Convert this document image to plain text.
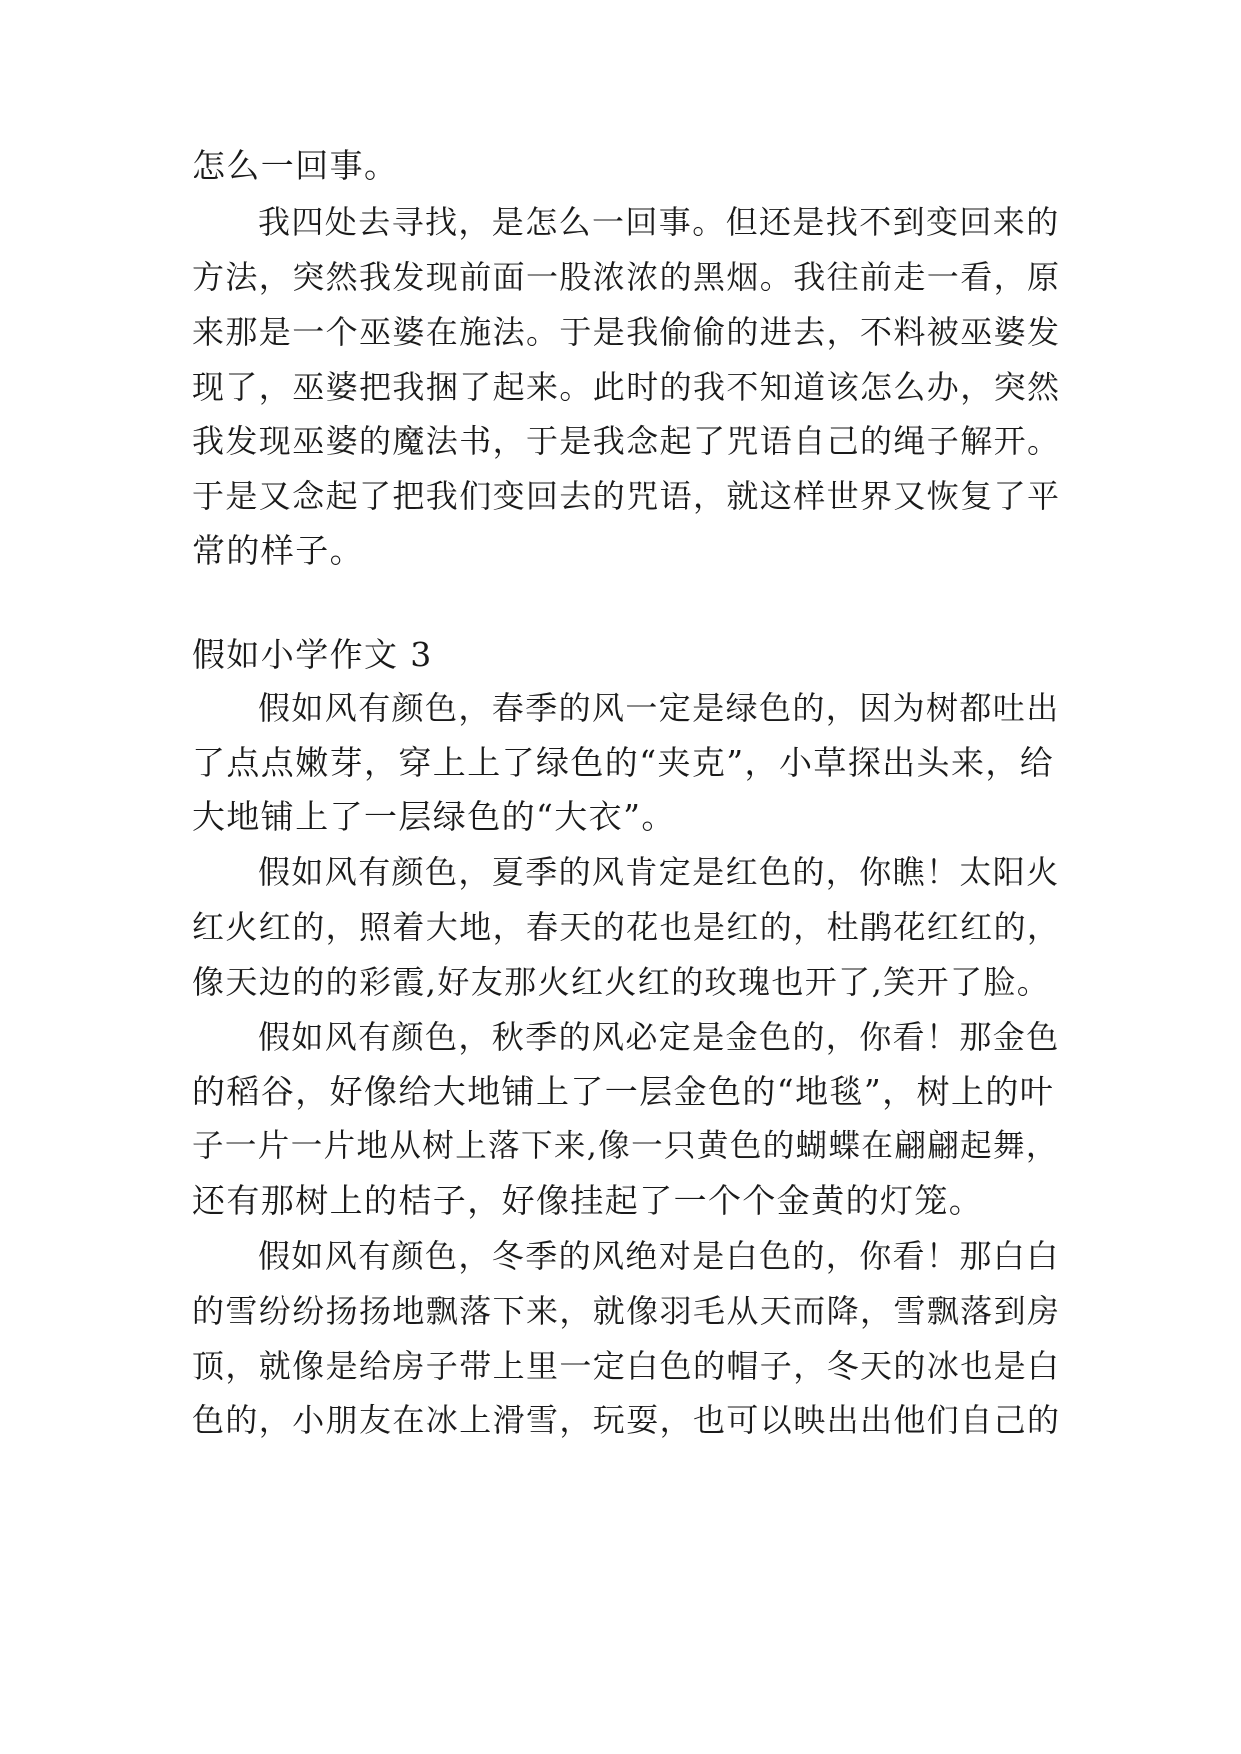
怎么一回事。
我四处去寻找，是怎么一回事。但还是找不到变回来的
方法，突然我发现前面一股浓浓的黑烟。我往前走一看，原
来那是一个巫婆在施法。于是我偷偷的进去，不料被巫婆发
现了，巫婆把我捆了起来。此时的我不知道该怎么办，突然
我发现巫婆的魔法书，于是我念起了咒语自己的绳子解开。
于是又念起了把我们变回去的咒语，就这样世界又恢复了平
常的样子。
假如小学作文 3
假如风有颜色，春季的风一定是绿色的，因为树都吐出
了点点嫩芽，穿上上了绿色的“夹克”，小草探出头来，给
大地铺上了一层绿色的“大衣”。
假如风有颜色，夏季的风肯定是红色的，你瞧！太阳火
红火红的，照着大地，春天的花也是红的，杜鹃花红红的，
像天边的的彩霞,好友那火红火红的玫瑰也开了,笑开了脸。
假如风有颜色，秋季的风必定是金色的，你看！那金色
的稻谷，好像给大地铺上了一层金色的“地毯”，树上的叶
子一片一片地从树上落下来,像一只黄色的蝴蝶在翩翩起舞，
还有那树上的桔子，好像挂起了一个个金黄的灯笼。
假如风有颜色，冬季的风绝对是白色的，你看！那白白
的雪纷纷扬扬地飘落下来，就像羽毛从天而降，雪飘落到房
顶，就像是给房子带上里一定白色的帽子，冬天的冰也是白
色的，小朋友在冰上滑雪，玩耍，也可以映出出他们自己的
